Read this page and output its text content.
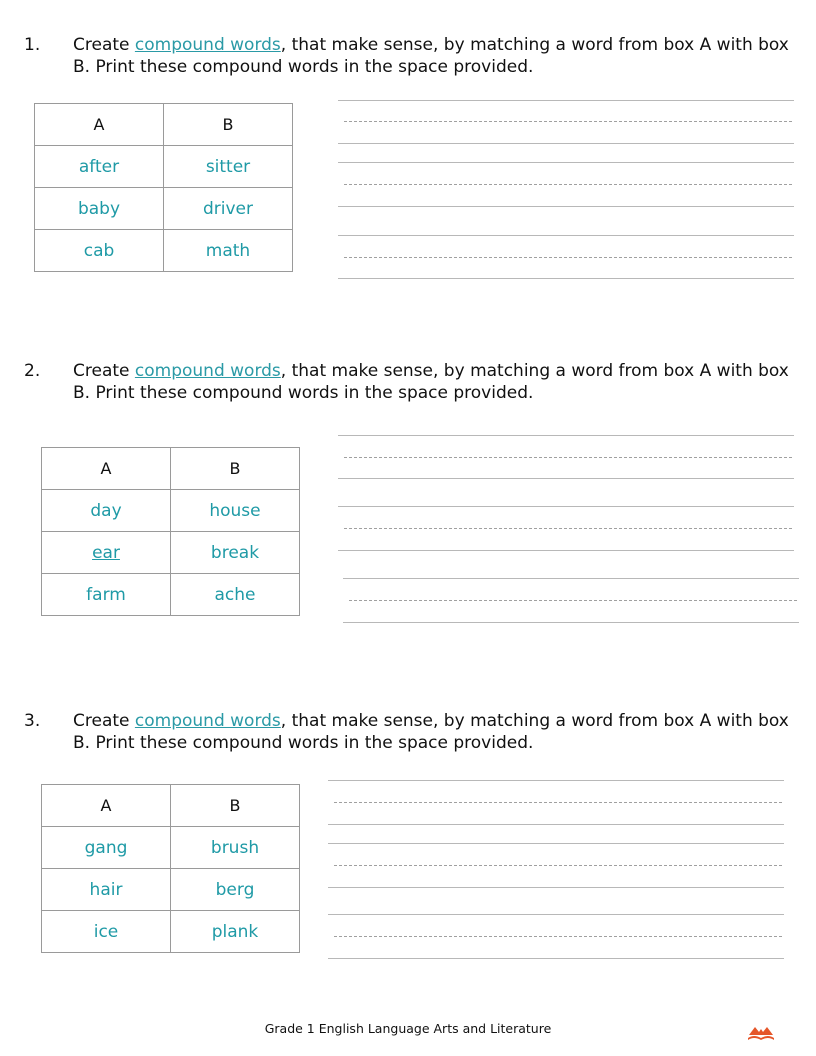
1. Create compound words, that make sense, by matching a word from box A with box B. Print these compound words in the space provided.
A	B
after	sitter
baby	driver
cab	math
2. Create compound words, that make sense, by matching a word from box A with box B. Print these compound words in the space provided.
A	B
day	house
ear	break
farm	ache
3. Create compound words, that make sense, by matching a word from box A with box B. Print these compound words in the space provided.
A	B
gang	brush
hair	berg
ice	plank
Grade 1 English Language Arts and Literature
